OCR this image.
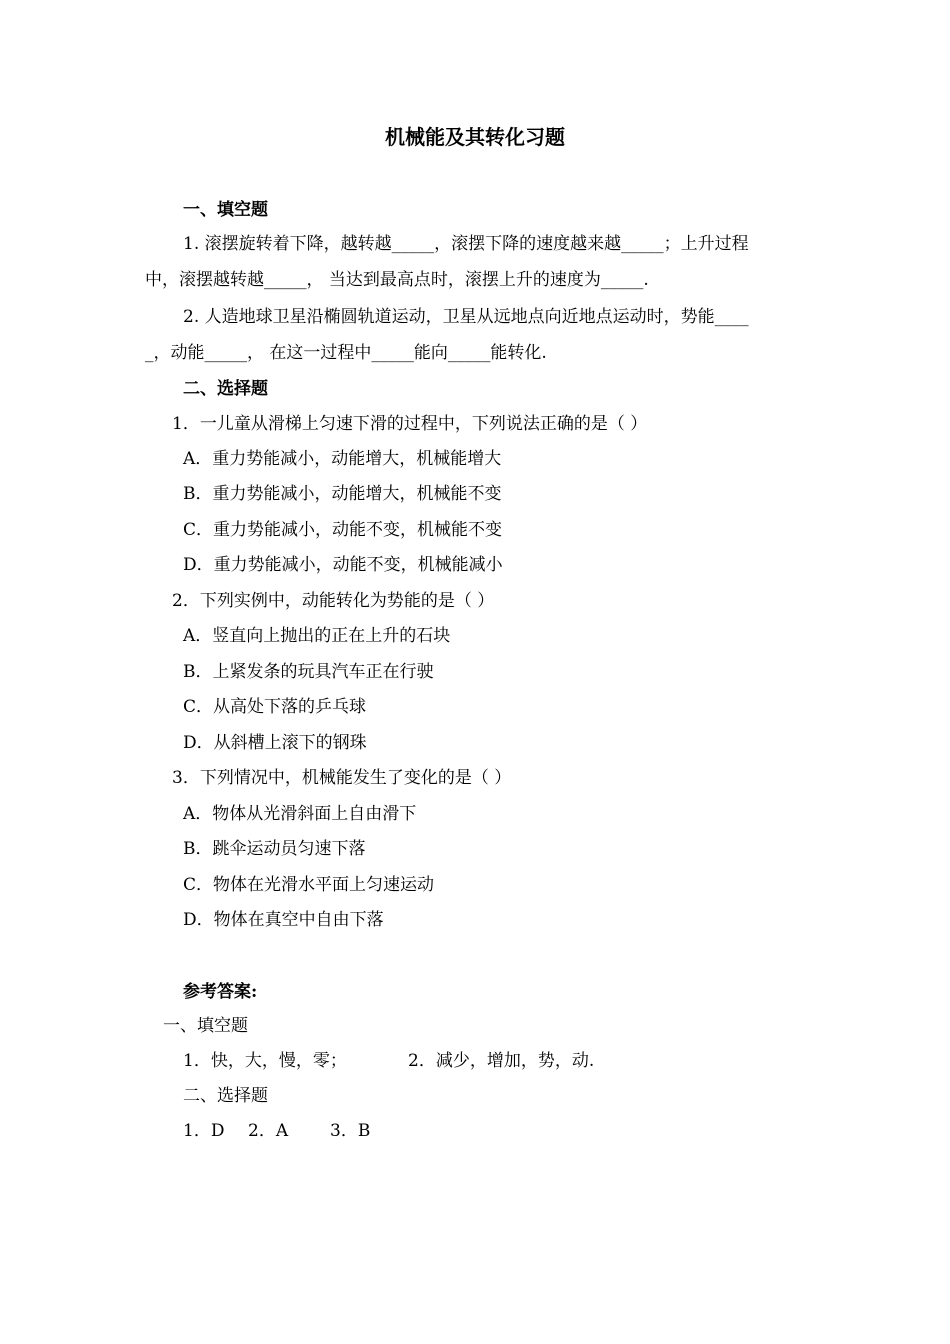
机械能及其转化习题
一、填空题
1. 滚摆旋转着下降，越转越_____，滚摆下降的速度越来越_____；上升过程
中，滚摆越转越_____， 当达到最高点时，滚摆上升的速度为_____.
2. 人造地球卫星沿椭圆轨道运动，卫星从远地点向近地点运动时，势能____
_，动能_____， 在这一过程中_____能向_____能转化.
二、选择题
1．一儿童从滑梯上匀速下滑的过程中，下列说法正确的是（ ）
A．重力势能减小，动能增大，机械能增大
B．重力势能减小，动能增大，机械能不变
C．重力势能减小，动能不变，机械能不变
D．重力势能减小，动能不变，机械能减小
2．下列实例中，动能转化为势能的是（ ）
A．竖直向上抛出的正在上升的石块
B．上紧发条的玩具汽车正在行驶
C．从高处下落的乒乓球
D．从斜槽上滚下的钢珠
3．下列情况中，机械能发生了变化的是（ ）
A．物体从光滑斜面上自由滑下
B．跳伞运动员匀速下落
C．物体在光滑水平面上匀速运动
D．物体在真空中自由下落
参考答案:
一、填空题
1．快，大，慢，零；	2．减少，增加，势，动.
二、选择题
1．D 2．A 3．B
